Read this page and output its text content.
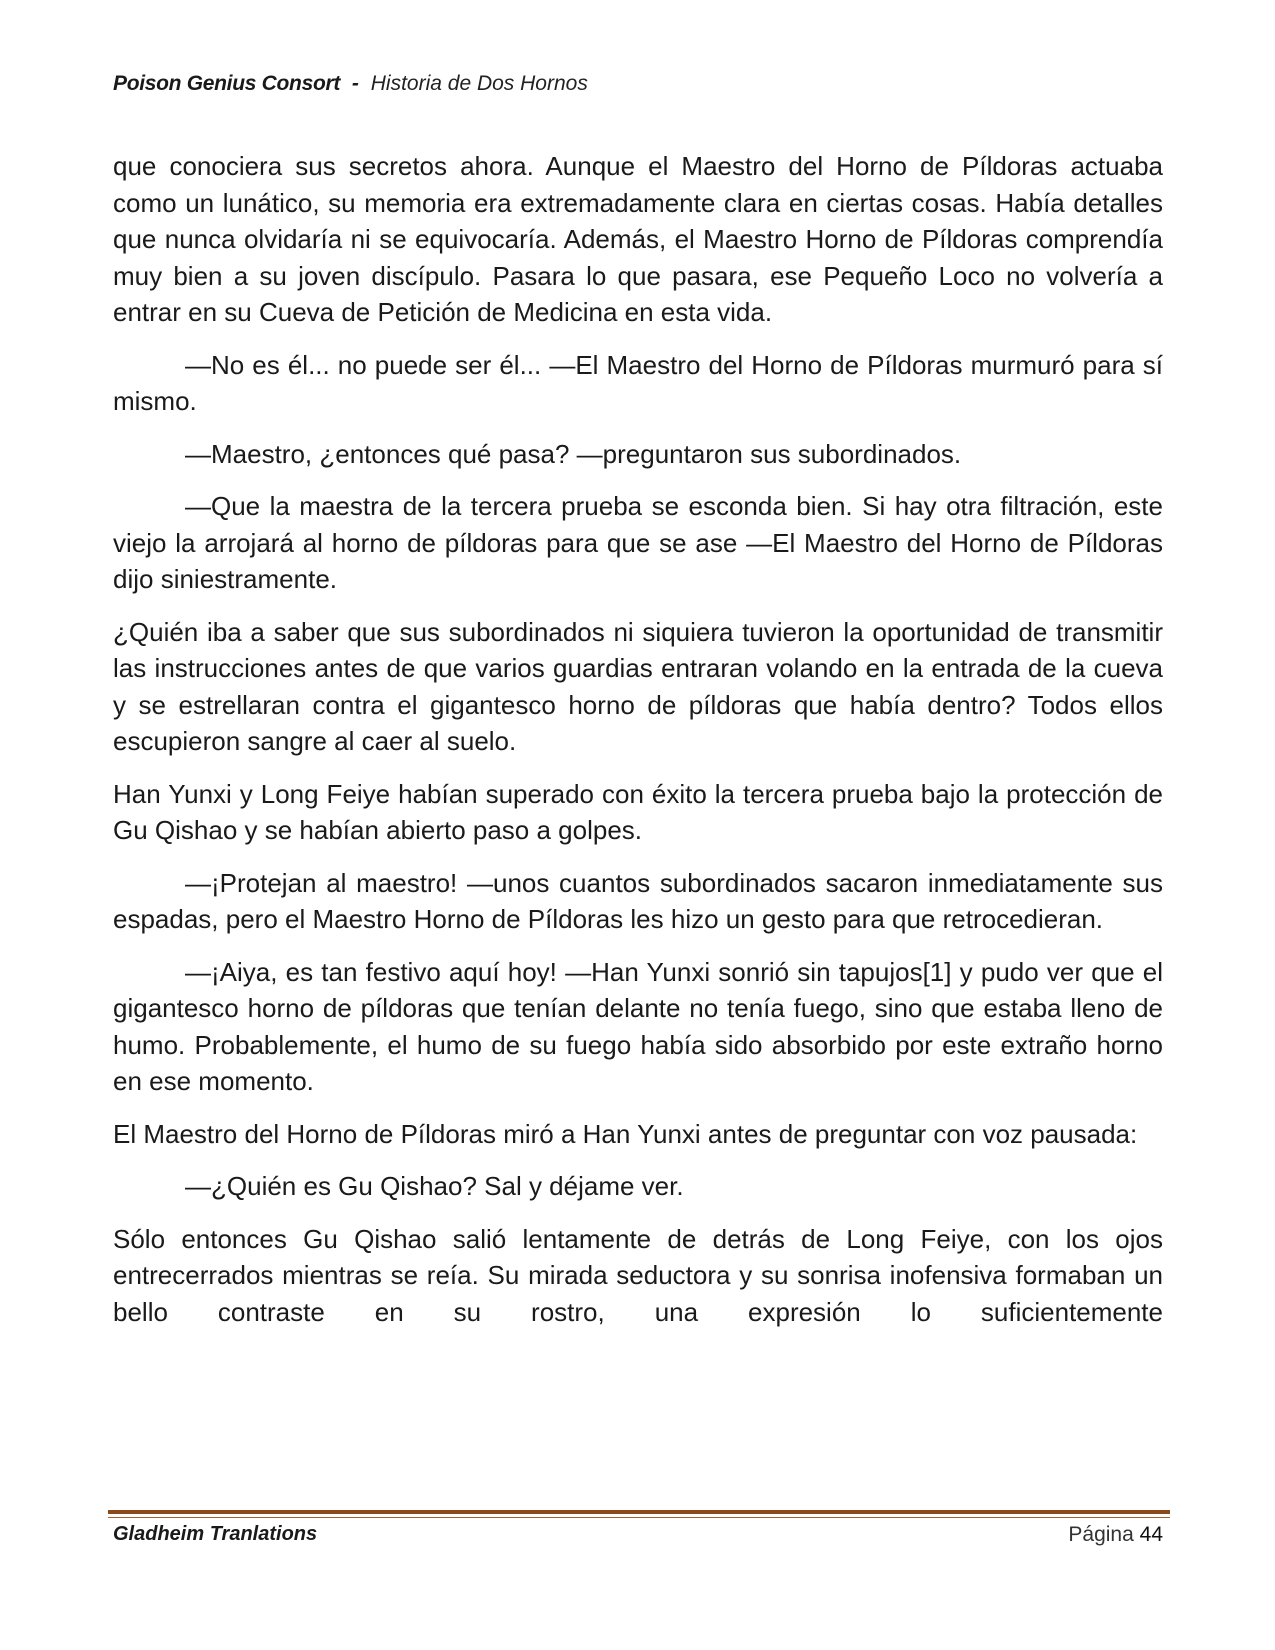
Poison Genius Consort - Historia de Dos Hornos

que conociera sus secretos ahora. Aunque el Maestro del Horno de Píldoras actuaba como un lunático, su memoria era extremadamente clara en ciertas cosas. Había detalles que nunca olvidaría ni se equivocaría. Además, el Maestro Horno de Píldoras comprendía muy bien a su joven discípulo. Pasara lo que pasara, ese Pequeño Loco no volvería a entrar en su Cueva de Petición de Medicina en esta vida.

—No es él... no puede ser él... —El Maestro del Horno de Píldoras murmuró para sí mismo.

—Maestro, ¿entonces qué pasa? —preguntaron sus subordinados.

—Que la maestra de la tercera prueba se esconda bien. Si hay otra filtración, este viejo la arrojará al horno de píldoras para que se ase —El Maestro del Horno de Píldoras dijo siniestramente.

¿Quién iba a saber que sus subordinados ni siquiera tuvieron la oportunidad de transmitir las instrucciones antes de que varios guardias entraran volando en la entrada de la cueva y se estrellaran contra el gigantesco horno de píldoras que había dentro? Todos ellos escupieron sangre al caer al suelo.

Han Yunxi y Long Feiye habían superado con éxito la tercera prueba bajo la protección de Gu Qishao y se habían abierto paso a golpes.

—¡Protejan al maestro! —unos cuantos subordinados sacaron inmediatamente sus espadas, pero el Maestro Horno de Píldoras les hizo un gesto para que retrocedieran.

—¡Aiya, es tan festivo aquí hoy! —Han Yunxi sonrió sin tapujos[1] y pudo ver que el gigantesco horno de píldoras que tenían delante no tenía fuego, sino que estaba lleno de humo. Probablemente, el humo de su fuego había sido absorbido por este extraño horno en ese momento.

El Maestro del Horno de Píldoras miró a Han Yunxi antes de preguntar con voz pausada:

—¿Quién es Gu Qishao? Sal y déjame ver.

Sólo entonces Gu Qishao salió lentamente de detrás de Long Feiye, con los ojos entrecerrados mientras se reía. Su mirada seductora y su sonrisa inofensiva formaban un bello contraste en su rostro, una expresión lo suficientemente

Gladheim Tranlations	Página 44
